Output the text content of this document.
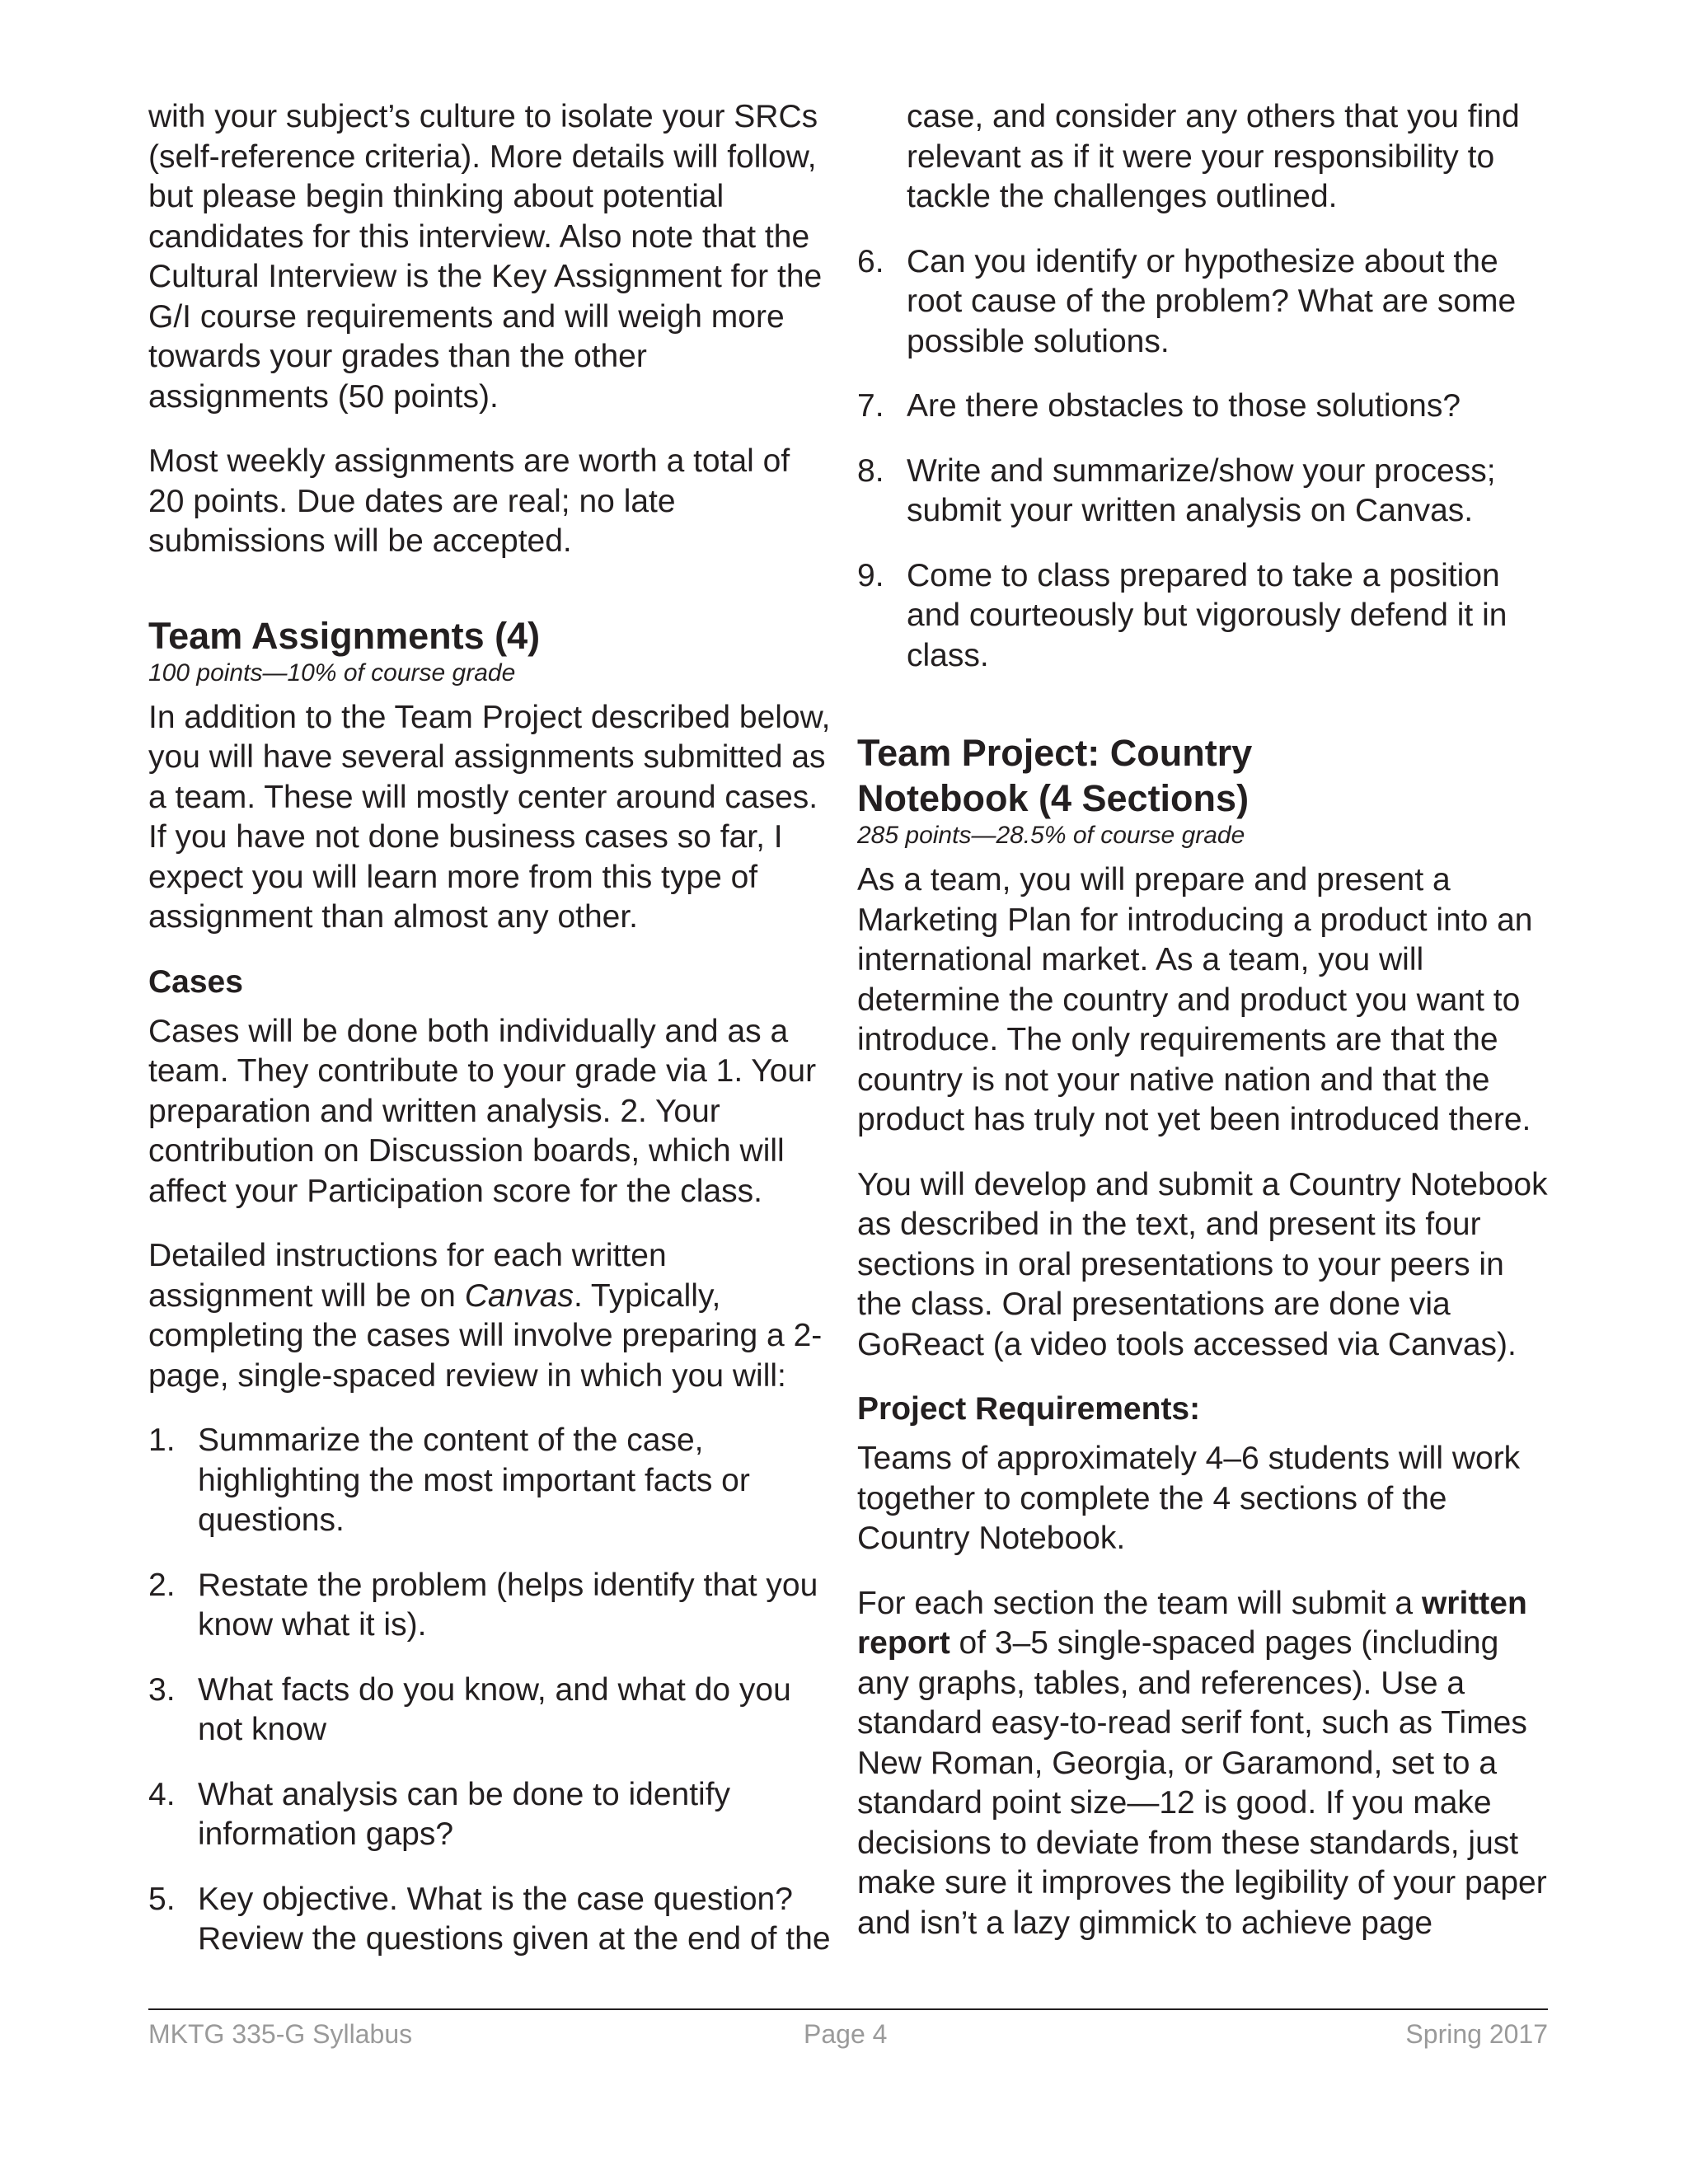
with your subject’s culture to isolate your SRCs (self-reference criteria). More details will follow, but please begin thinking about potential candidates for this interview. Also note that the Cultural Interview is the Key Assignment for the G/I course requirements and will weigh more towards your grades than the other assignments (50 points).

Most weekly assignments are worth a total of 20 points. Due dates are real; no late submissions will be accepted.

Team Assignments (4)
100 points—10% of course grade

In addition to the Team Project described below, you will have several assignments submitted as a team. These will mostly center around cases. If you have not done business cases so far, I expect you will learn more from this type of assignment than almost any other.

Cases

Cases will be done both individually and as a team. They contribute to your grade via 1. Your preparation and written analysis. 2. Your contribution on Discussion boards, which will affect your Participation score for the class.

Detailed instructions for each written assignment will be on Canvas. Typically, completing the cases will involve preparing a 2-page, single-spaced review in which you will:

1. Summarize the content of the case, highlighting the most important facts or questions.
2. Restate the problem (helps identify that you know what it is).
3. What facts do you know, and what do you not know
4. What analysis can be done to identify information gaps?
5. Key objective. What is the case question? Review the questions given at the end of the

case, and consider any others that you find relevant as if it were your responsibility to tackle the challenges outlined.

6. Can you identify or hypothesize about the root cause of the problem? What are some possible solutions.
7. Are there obstacles to those solutions?
8. Write and summarize/show your process; submit your written analysis on Canvas.
9. Come to class prepared to take a position and courteously but vigorously defend it in class.
Team Project: Country
Notebook (4 Sections)
285 points—28.5% of course grade

As a team, you will prepare and present a Marketing Plan for introducing a product into an international market. As a team, you will determine the country and product you want to introduce. The only requirements are that the country is not your native nation and that the product has truly not yet been introduced there.

You will develop and submit a Country Notebook as described in the text, and present its four sections in oral presentations to your peers in the class. Oral presentations are done via GoReact (a video tools accessed via Canvas).

Project Requirements:

Teams of approximately 4–6 students will work together to complete the 4 sections of the Country Notebook.

For each section the team will submit a written report of 3–5 single-spaced pages (including any graphs, tables, and references). Use a standard easy-to-read serif font, such as Times New Roman, Georgia, or Garamond, set to a standard point size—12 is good. If you make decisions to deviate from these standards, just make sure it improves the legibility of your paper and isn’t a lazy gimmick to achieve page

MKTG 335-G Syllabus	Page 4	Spring 2017
